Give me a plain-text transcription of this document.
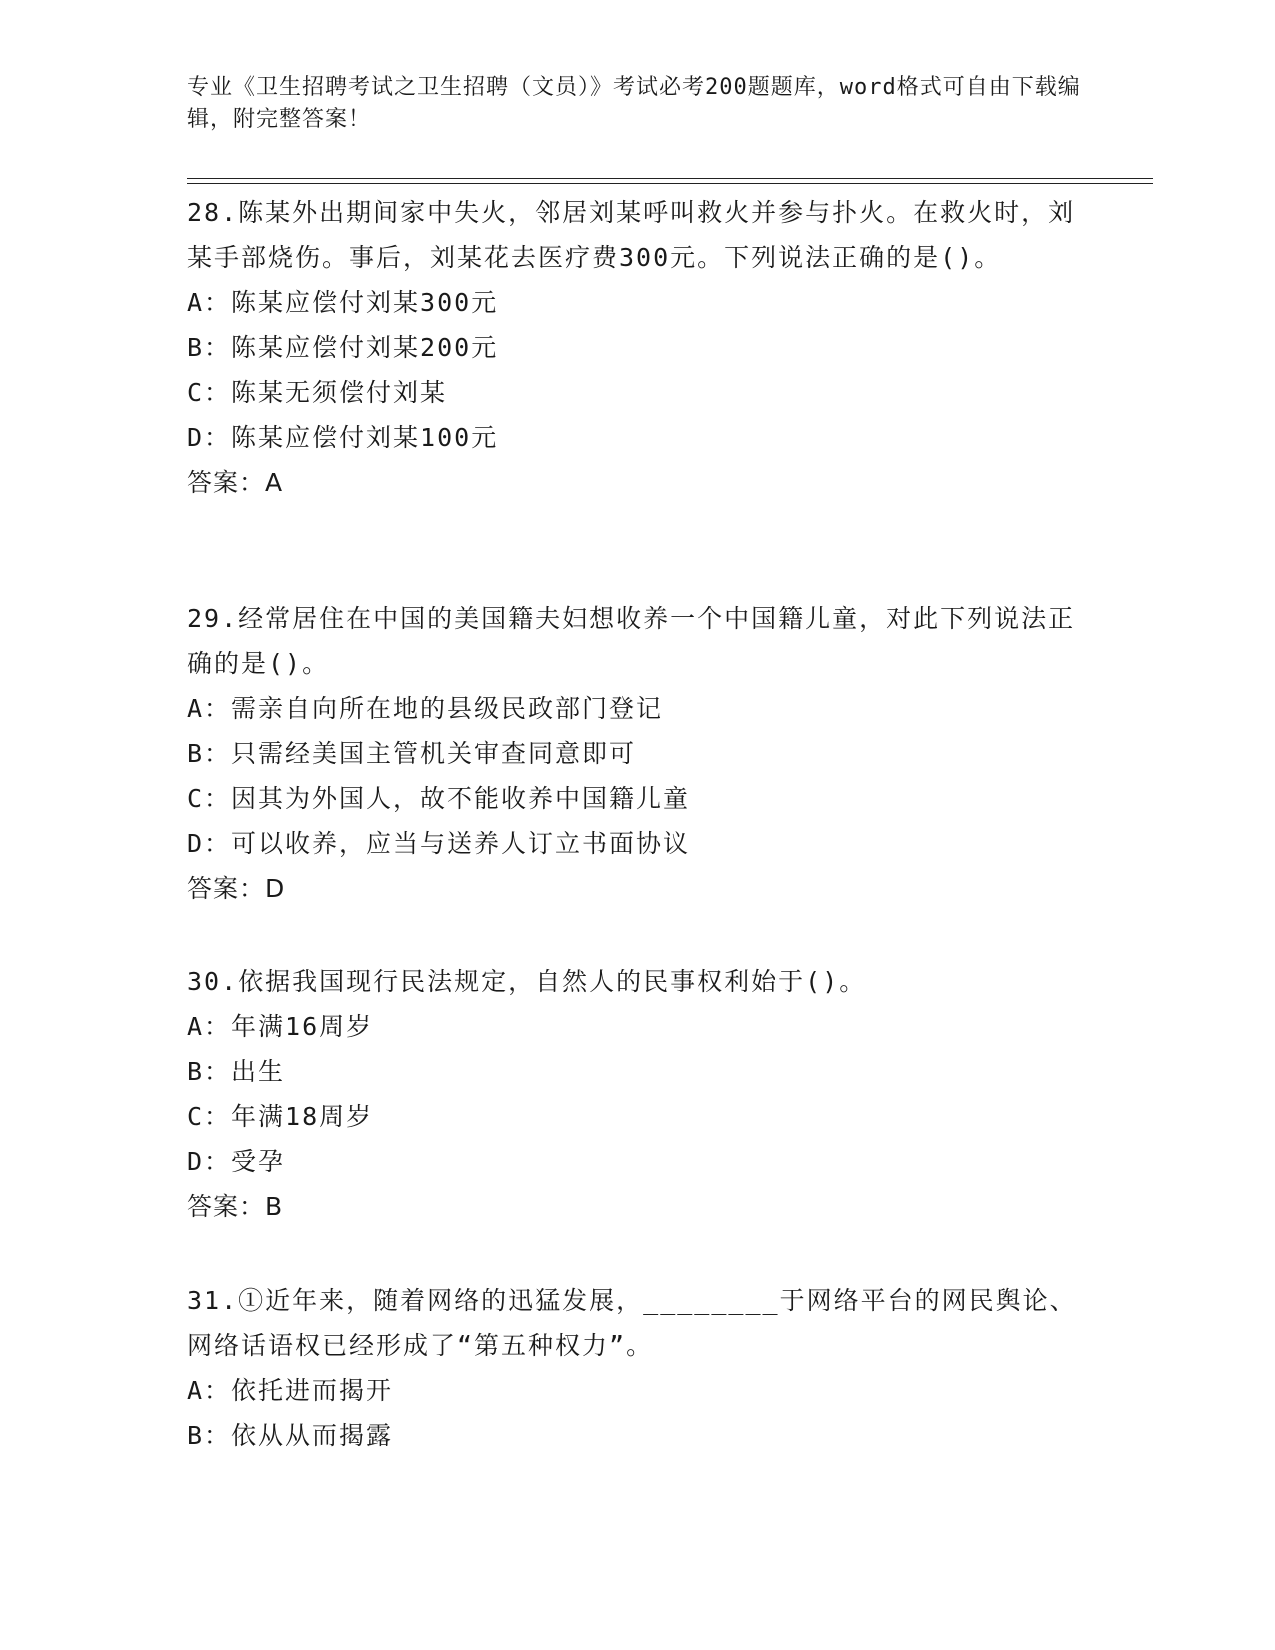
专业《卫生招聘考试之卫生招聘（文员）》考试必考200题题库，word格式可自由下载编辑，附完整答案！

28.陈某外出期间家中失火，邻居刘某呼叫救火并参与扑火。在救火时，刘某手部烧伤。事后，刘某花去医疗费300元。下列说法正确的是()。

A：陈某应偿付刘某300元

B：陈某应偿付刘某200元

C：陈某无须偿付刘某

D：陈某应偿付刘某100元

答案：A

29.经常居住在中国的美国籍夫妇想收养一个中国籍儿童，对此下列说法正确的是()。

A：需亲自向所在地的县级民政部门登记

B：只需经美国主管机关审查同意即可

C：因其为外国人，故不能收养中国籍儿童

D：可以收养，应当与送养人订立书面协议

答案：D

30.依据我国现行民法规定，自然人的民事权利始于()。

A：年满16周岁

B：出生

C：年满18周岁

D：受孕

答案：B

31.①近年来，随着网络的迅猛发展，________于网络平台的网民舆论、网络话语权已经形成了“第五种权力”。

A：依托进而揭开

B：依从从而揭露
